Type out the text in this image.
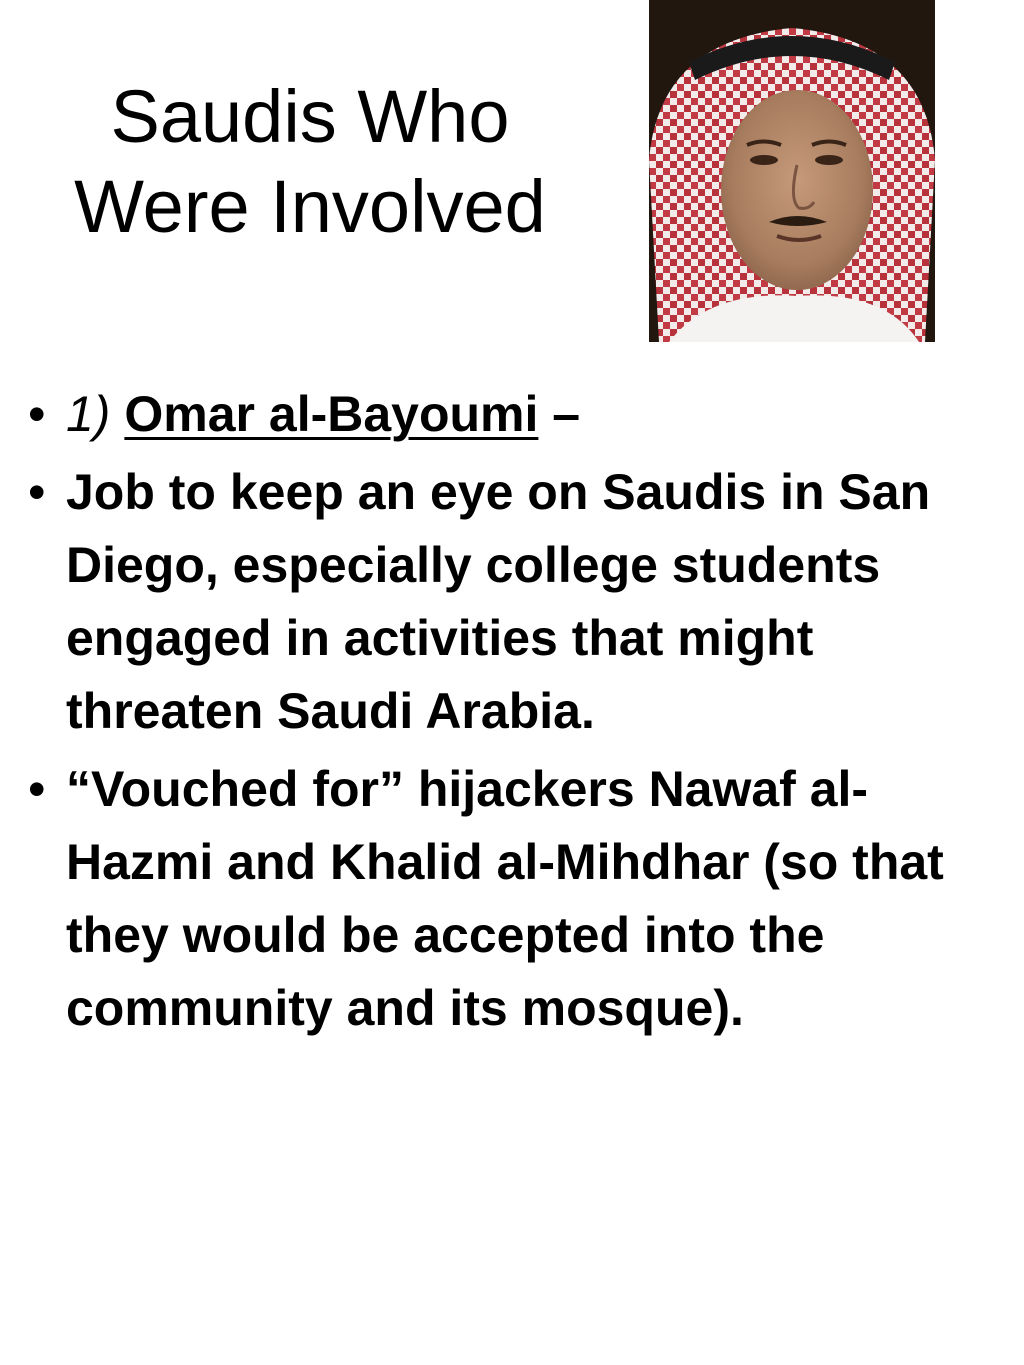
Saudis Who
Were Involved
• 1) Omar al-Bayoumi –
• Job to keep an eye on Saudis in San Diego, especially college students engaged in activities that might threaten Saudi Arabia.
• “Vouched for” hijackers Nawaf al-Hazmi and Khalid al-Mihdhar (so that they would be accepted into the community and its mosque).
